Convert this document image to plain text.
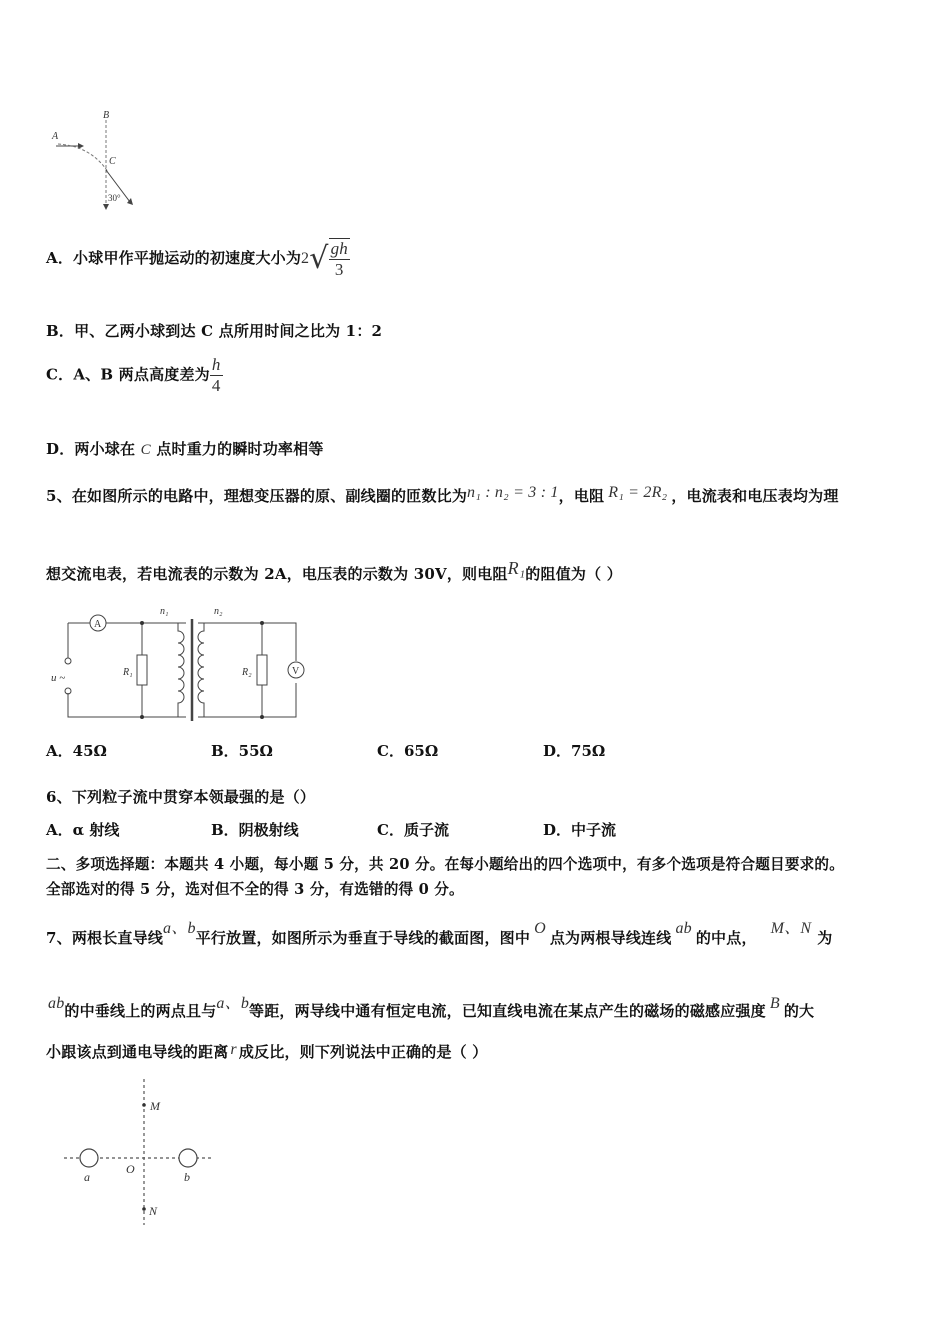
A
B
C
30°
A．小球甲作平抛运动的初速度大小为$2√ \frac{gh}{3}$
B．甲、乙两小球到达 C 点所用时间之比为 1：2
C．A、B 两点高度差为 $\frac{h}{4}$
D．两小球在 C 点时重力的瞬时功率相等
5、在如图所示的电路中，理想变压器的原、副线圈的匝数比为n₁ : n₂ = 3 : 1，电阻 R₁ = 2R₂ ，电流表和电压表均为理
想交流电表，若电流表的示数为 2A，电压表的示数为 30V，则电阻R₁的阻值为（ ）
A
V
n₁	n₂
u ~	R₁	R₂
A．45Ω	B．55Ω	C．65Ω	D．75Ω
6、下列粒子流中贯穿本领最强的是（）
A．α 射线	B．阴极射线	C．质子流	D．中子流
二、多项选择题：本题共 4 小题，每小题 5 分，共 20 分。在每小题给出的四个选项中，有多个选项是符合题目要求的。
全部选对的得 5 分，选对但不全的得 3 分，有选错的得 0 分。
7、两根长直导线a、b平行放置，如图所示为垂直于导线的截面图，图中O点为两根导线连线ab的中点，M、N为
ab的中垂线上的两点且与a、b等距，两导线中通有恒定电流，已知直线电流在某点产生的磁场的磁感应强度 B 的大
小跟该点到通电导线的距离 r 成反比，则下列说法中正确的是（ ）
M
N
O
a	b
